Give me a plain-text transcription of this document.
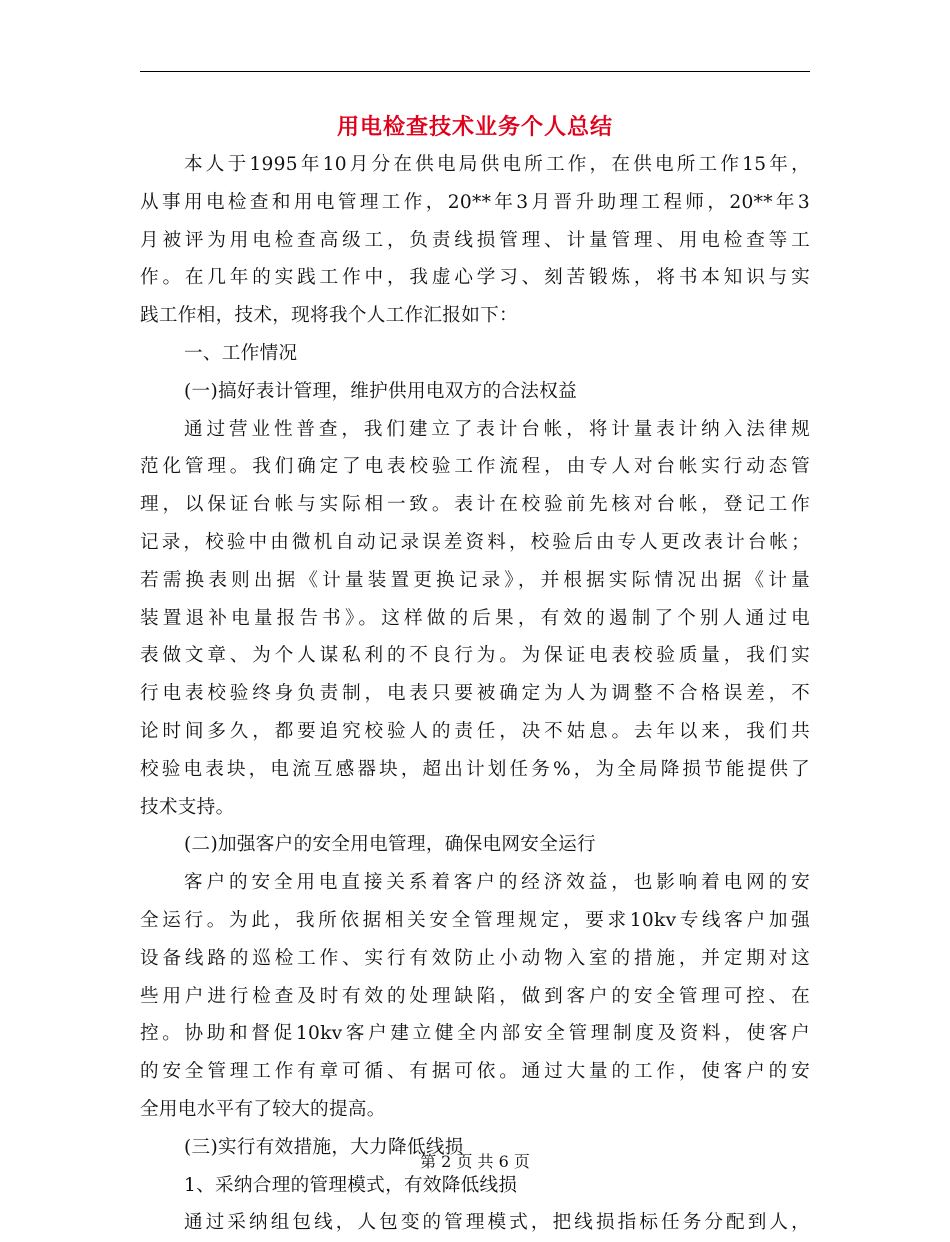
用电检查技术业务个人总结
本人于1995年10月分在供电局供电所工作，在供电所工作15年，
从事用电检查和用电管理工作，20**年3月晋升助理工程师，20**年3
月被评为用电检查高级工，负责线损管理、计量管理、用电检查等工
作。在几年的实践工作中，我虚心学习、刻苦锻炼，将书本知识与实
践工作相，技术，现将我个人工作汇报如下：
一、工作情况
(一)搞好表计管理，维护供用电双方的合法权益
通过营业性普查，我们建立了表计台帐，将计量表计纳入法律规
范化管理。我们确定了电表校验工作流程，由专人对台帐实行动态管
理，以保证台帐与实际相一致。表计在校验前先核对台帐，登记工作
记录，校验中由微机自动记录误差资料，校验后由专人更改表计台帐；
若需换表则出据《计量装置更换记录》，并根据实际情况出据《计量
装置退补电量报告书》。这样做的后果，有效的遏制了个别人通过电
表做文章、为个人谋私利的不良行为。为保证电表校验质量，我们实
行电表校验终身负责制，电表只要被确定为人为调整不合格误差，不
论时间多久，都要追究校验人的责任，决不姑息。去年以来，我们共
校验电表块，电流互感器块，超出计划任务%，为全局降损节能提供了
技术支持。
(二)加强客户的安全用电管理，确保电网安全运行
客户的安全用电直接关系着客户的经济效益，也影响着电网的安
全运行。为此，我所依据相关安全管理规定，要求10kv专线客户加强
设备线路的巡检工作、实行有效防止小动物入室的措施，并定期对这
些用户进行检查及时有效的处理缺陷，做到客户的安全管理可控、在
控。协助和督促10kv客户建立健全内部安全管理制度及资料，使客户
的安全管理工作有章可循、有据可依。通过大量的工作，使客户的安
全用电水平有了较大的提高。
(三)实行有效措施，大力降低线损
1、采纳合理的管理模式，有效降低线损
通过采纳组包线，人包变的管理模式，把线损指标任务分配到人，
第 2 页 共 6 页
